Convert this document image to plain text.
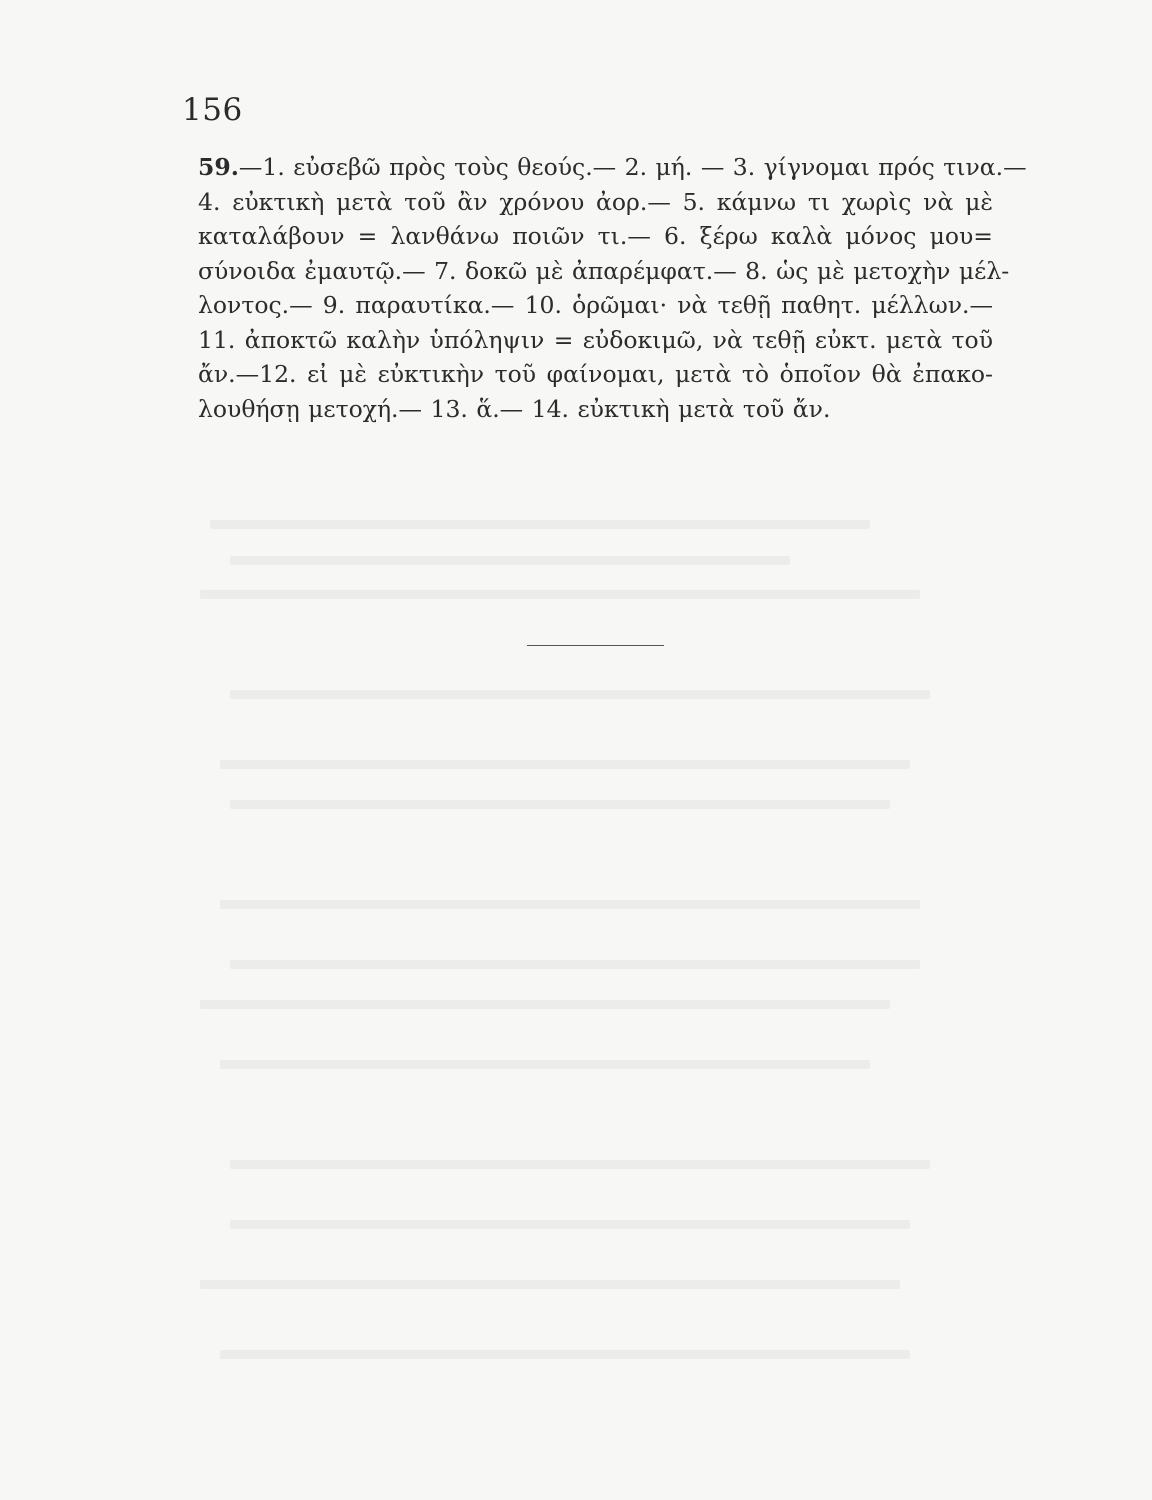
156
59.—1. εὐσεβῶ πρὸς τοὺς θεούς.— 2. μή. — 3. γίγνομαι πρός τινα.—
4. εὐκτικὴ μετὰ τοῦ ἂν χρόνου ἀορ.— 5. κάμνω τι χωρὶς νὰ μὲ
καταλάβουν = λανθάνω ποιῶν τι.— 6. ξέρω καλὰ μόνος μου=
σύνοιδα ἐμαυτῷ.— 7. δοκῶ μὲ ἀπαρέμφατ.— 8. ὡς μὲ μετοχὴν μέλ-
λοντος.— 9. παραυτίκα.— 10. ὁρῶμαι· νὰ τεθῇ παθητ. μέλλων.—
11. ἀποκτῶ καλὴν ὑπόληψιν = εὐδοκιμῶ, νὰ τεθῇ εὐκτ. μετὰ τοῦ
ἄν.—12. εἰ μὲ εὐκτικὴν τοῦ φαίνομαι, μετὰ τὸ ὁποῖον θὰ ἐπακο-
λουθήσῃ μετοχή.— 13. ἅ.— 14. εὐκτικὴ μετὰ τοῦ ἄν.
